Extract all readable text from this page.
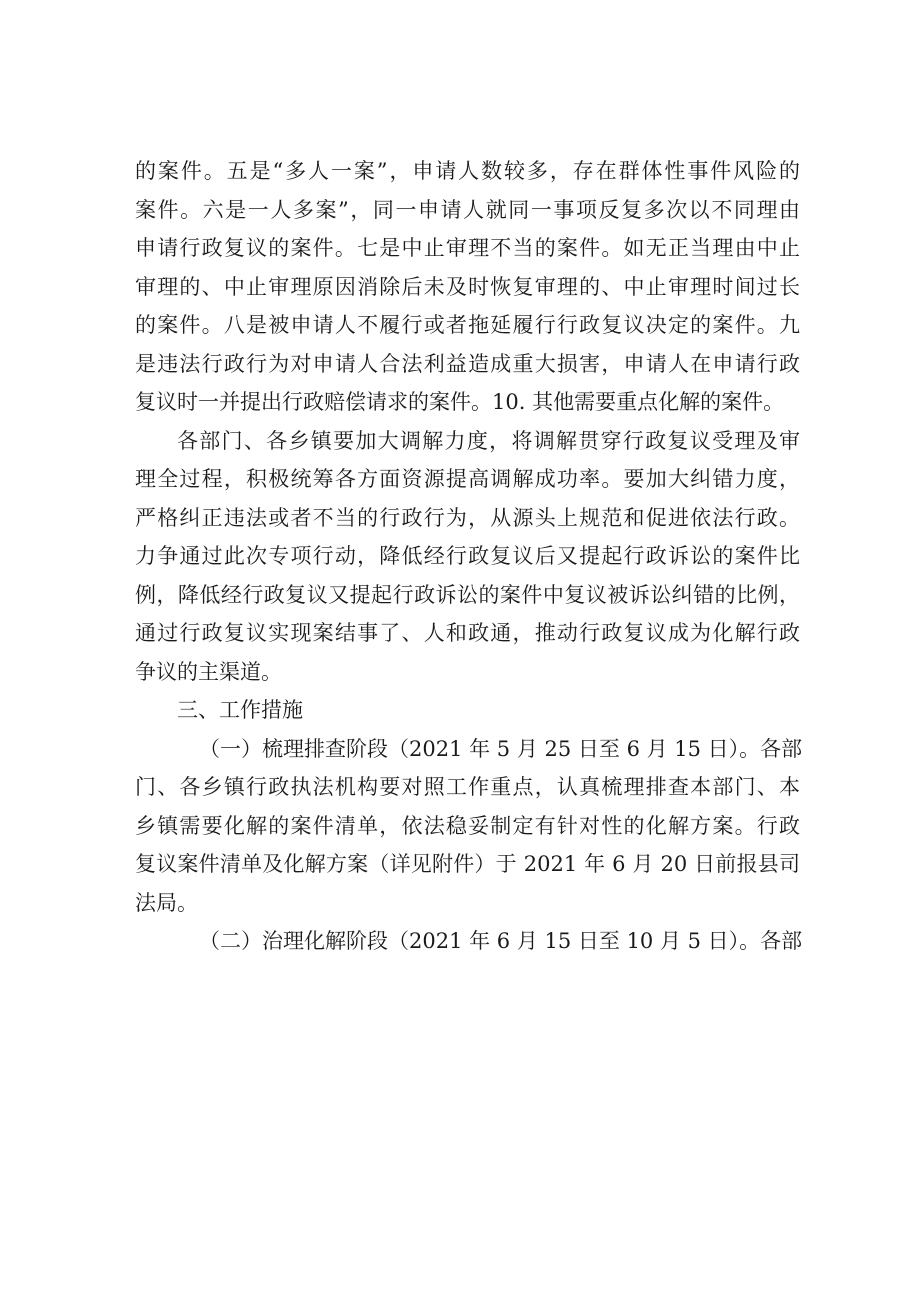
的案件。五是“多人一案”，申请人数较多，存在群体性事件风险的
案件。六是一人多案”，同一申请人就同一事项反复多次以不同理由
申请行政复议的案件。七是中止审理不当的案件。如无正当理由中止
审理的、中止审理原因消除后未及时恢复审理的、中止审理时间过长
的案件。八是被申请人不履行或者拖延履行行政复议决定的案件。九
是违法行政行为对申请人合法利益造成重大损害，申请人在申请行政
复议时一并提出行政赔偿请求的案件。10. 其他需要重点化解的案件。
各部门、各乡镇要加大调解力度，将调解贯穿行政复议受理及审
理全过程，积极统筹各方面资源提高调解成功率。要加大纠错力度，
严格纠正违法或者不当的行政行为，从源头上规范和促进依法行政。
力争通过此次专项行动，降低经行政复议后又提起行政诉讼的案件比
例，降低经行政复议又提起行政诉讼的案件中复议被诉讼纠错的比例，
通过行政复议实现案结事了、人和政通，推动行政复议成为化解行政
争议的主渠道。
三、工作措施
（一）梳理排查阶段（2021 年 5 月 25 日至 6 月 15 日）。各部
门、各乡镇行政执法机构要对照工作重点，认真梳理排查本部门、本
乡镇需要化解的案件清单，依法稳妥制定有针对性的化解方案。行政
复议案件清单及化解方案（详见附件）于 2021 年 6 月 20 日前报县司
法局。
（二）治理化解阶段（2021 年 6 月 15 日至 10 月 5 日）。各部
